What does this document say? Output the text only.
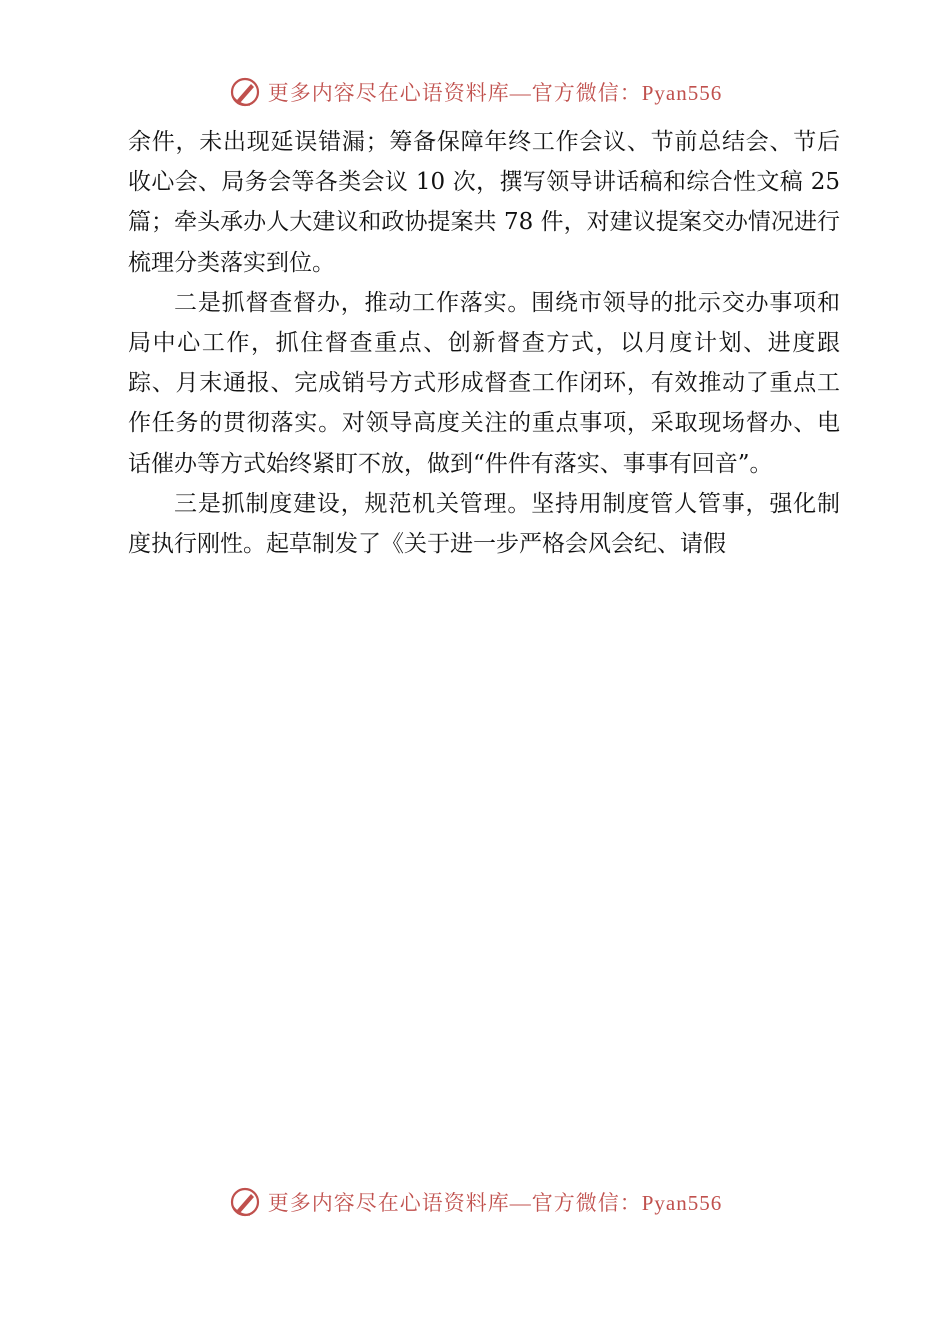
更多内容尽在心语资料库—官方微信：Pyan556

余件，未出现延误错漏；筹备保障年终工作会议、节前总结会、节后收心会、局务会等各类会议 10 次，撰写领导讲话稿和综合性文稿 25 篇；牵头承办人大建议和政协提案共 78 件，对建议提案交办情况进行梳理分类落实到位。

二是抓督查督办，推动工作落实。围绕市领导的批示交办事项和局中心工作，抓住督查重点、创新督查方式，以月度计划、进度跟踪、月末通报、完成销号方式形成督查工作闭环，有效推动了重点工作任务的贯彻落实。对领导高度关注的重点事项，采取现场督办、电话催办等方式始终紧盯不放，做到“件件有落实、事事有回音”。

三是抓制度建设，规范机关管理。坚持用制度管人管事，强化制度执行刚性。起草制发了《关于进一步严格会风会纪、请假

更多内容尽在心语资料库—官方微信：Pyan556
